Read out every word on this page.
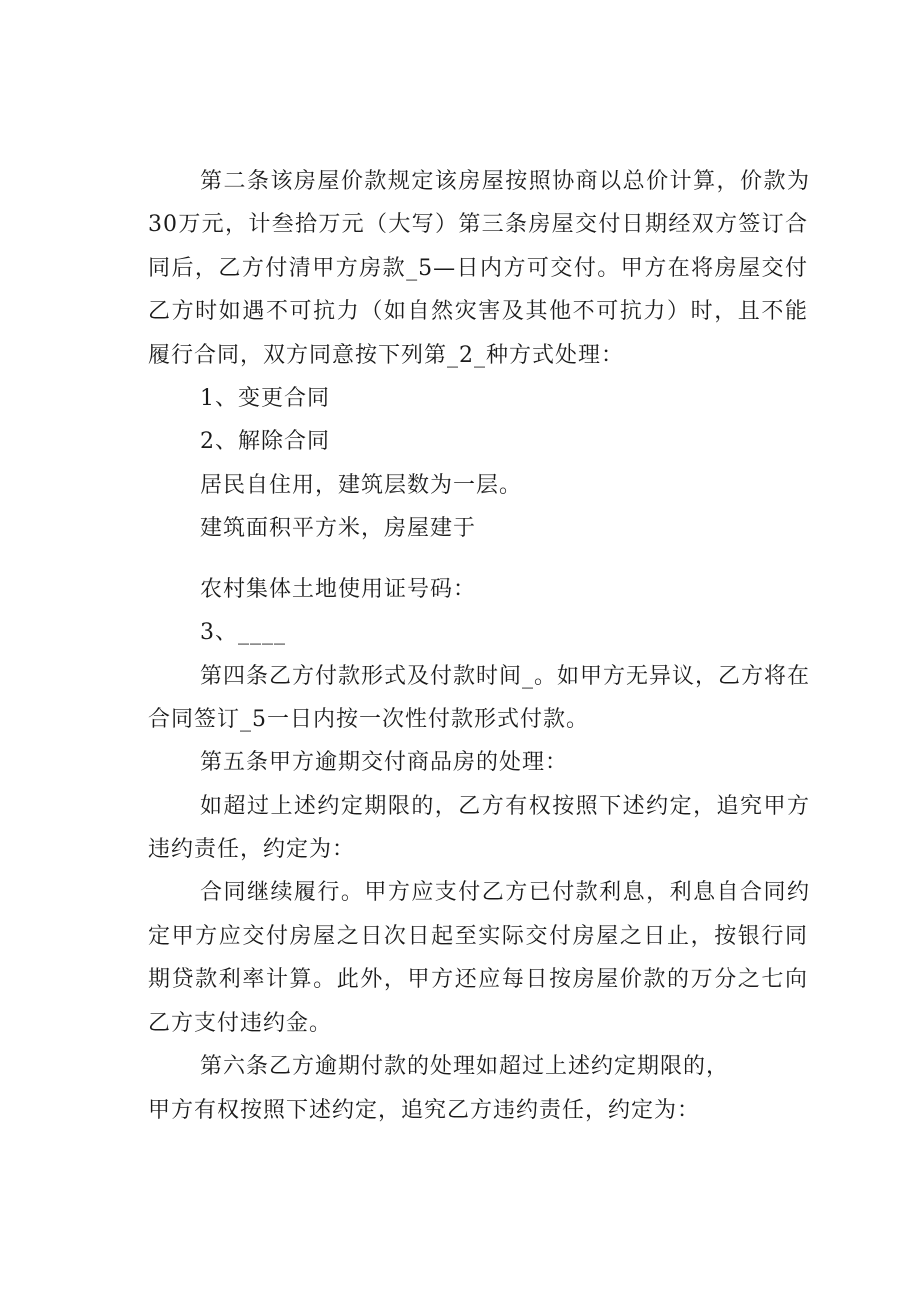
第二条该房屋价款规定该房屋按照协商以总价计算，价款为
30万元，计叁拾万元（大写）第三条房屋交付日期经双方签订合
同后，乙方付清甲方房款_5—日内方可交付。甲方在将房屋交付
乙方时如遇不可抗力（如自然灾害及其他不可抗力）时，且不能
履行合同，双方同意按下列第_2_种方式处理：
1、变更合同
2、解除合同
居民自住用，建筑层数为一层。
建筑面积平方米，房屋建于
农村集体土地使用证号码：
3、____
第四条乙方付款形式及付款时间_。如甲方无异议，乙方将在
合同签订_5一日内按一次性付款形式付款。
第五条甲方逾期交付商品房的处理：
如超过上述约定期限的，乙方有权按照下述约定，追究甲方
违约责任，约定为：
合同继续履行。甲方应支付乙方已付款利息，利息自合同约
定甲方应交付房屋之日次日起至实际交付房屋之日止，按银行同
期贷款利率计算。此外，甲方还应每日按房屋价款的万分之七向
乙方支付违约金。
第六条乙方逾期付款的处理如超过上述约定期限的，
甲方有权按照下述约定，追究乙方违约责任，约定为：
